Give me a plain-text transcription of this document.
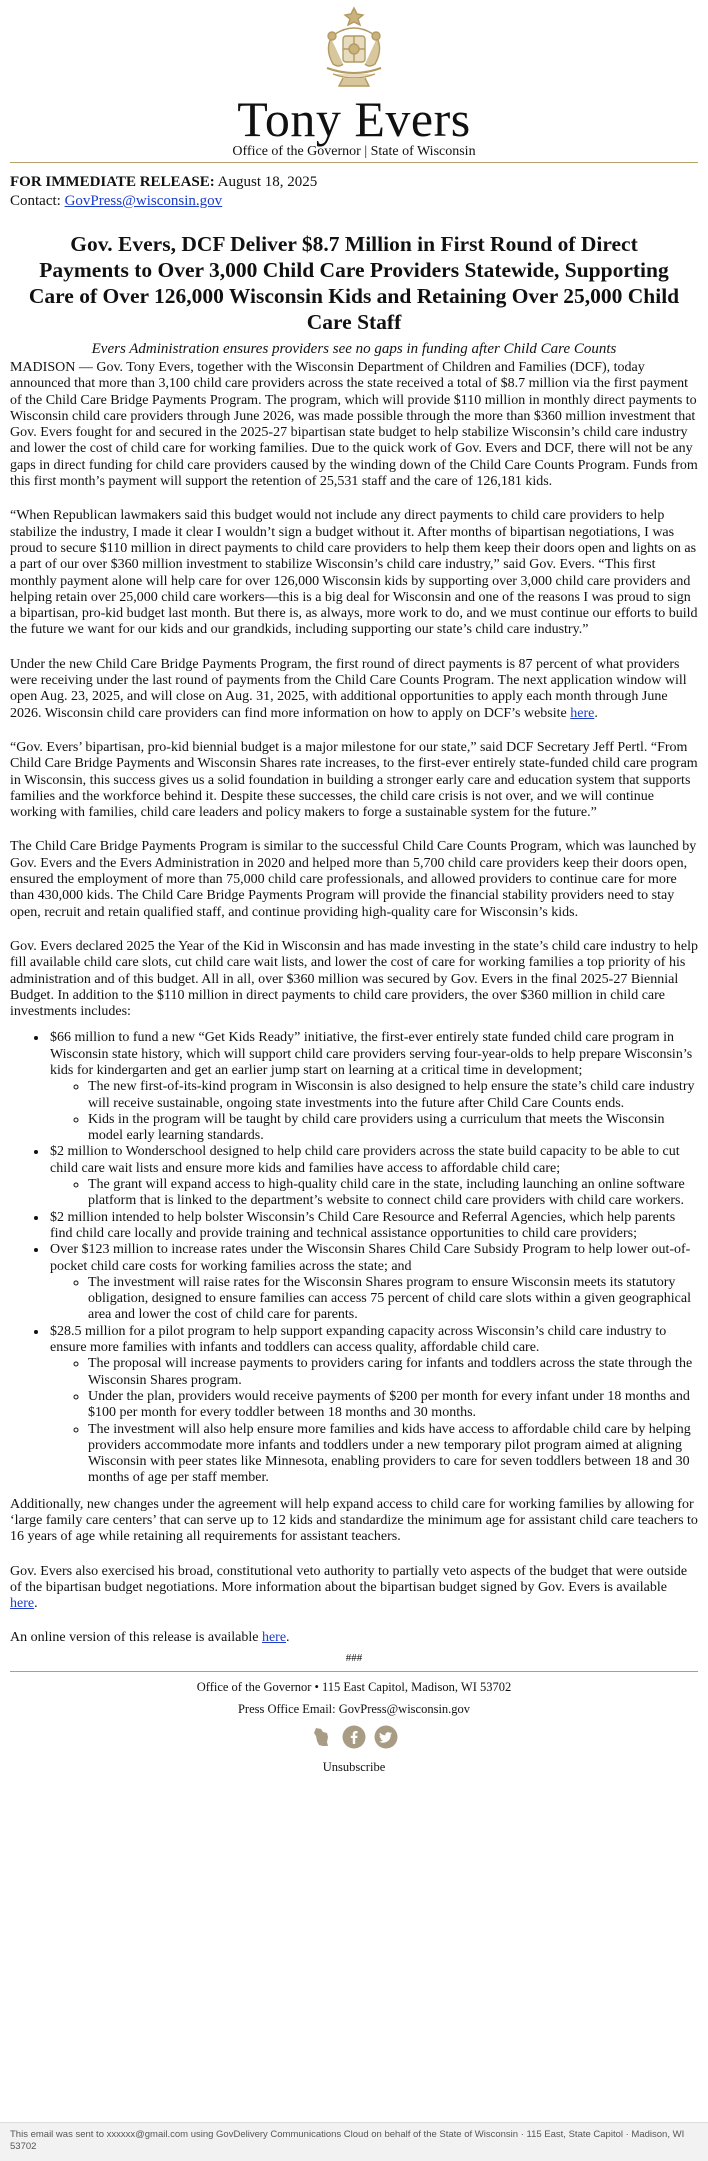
Tony Evers
Office of the Governor | State of Wisconsin
FOR IMMEDIATE RELEASE: August 18, 2025
Contact: GovPress@wisconsin.gov
Gov. Evers, DCF Deliver $8.7 Million in First Round of Direct Payments to Over 3,000 Child Care Providers Statewide, Supporting Care of Over 126,000 Wisconsin Kids and Retaining Over 25,000 Child Care Staff
Evers Administration ensures providers see no gaps in funding after Child Care Counts

MADISON — Gov. Tony Evers, together with the Wisconsin Department of Children and Families (DCF), today announced that more than 3,100 child care providers across the state received a total of $8.7 million via the first payment of the Child Care Bridge Payments Program. The program, which will provide $110 million in monthly direct payments to Wisconsin child care providers through June 2026, was made possible through the more than $360 million investment that Gov. Evers fought for and secured in the 2025-27 bipartisan state budget to help stabilize Wisconsin’s child care industry and lower the cost of child care for working families. Due to the quick work of Gov. Evers and DCF, there will not be any gaps in direct funding for child care providers caused by the winding down of the Child Care Counts Program. Funds from this first month’s payment will support the retention of 25,531 staff and the care of 126,181 kids.

“When Republican lawmakers said this budget would not include any direct payments to child care providers to help stabilize the industry, I made it clear I wouldn’t sign a budget without it. After months of bipartisan negotiations, I was proud to secure $110 million in direct payments to child care providers to help them keep their doors open and lights on as a part of our over $360 million investment to stabilize Wisconsin’s child care industry,” said Gov. Evers. “This first monthly payment alone will help care for over 126,000 Wisconsin kids by supporting over 3,000 child care providers and helping retain over 25,000 child care workers—this is a big deal for Wisconsin and one of the reasons I was proud to sign a bipartisan, pro-kid budget last month. But there is, as always, more work to do, and we must continue our efforts to build the future we want for our kids and our grandkids, including supporting our state’s child care industry.”

Under the new Child Care Bridge Payments Program, the first round of direct payments is 87 percent of what providers were receiving under the last round of payments from the Child Care Counts Program. The next application window will open Aug. 23, 2025, and will close on Aug. 31, 2025, with additional opportunities to apply each month through June 2026. Wisconsin child care providers can find more information on how to apply on DCF’s website here.

“Gov. Evers’ bipartisan, pro-kid biennial budget is a major milestone for our state,” said DCF Secretary Jeff Pertl. “From Child Care Bridge Payments and Wisconsin Shares rate increases, to the first-ever entirely state-funded child care program in Wisconsin, this success gives us a solid foundation in building a stronger early care and education system that supports families and the workforce behind it. Despite these successes, the child care crisis is not over, and we will continue working with families, child care leaders and policy makers to forge a sustainable system for the future.”

The Child Care Bridge Payments Program is similar to the successful Child Care Counts Program, which was launched by Gov. Evers and the Evers Administration in 2020 and helped more than 5,700 child care providers keep their doors open, ensured the employment of more than 75,000 child care professionals, and allowed providers to continue care for more than 430,000 kids. The Child Care Bridge Payments Program will provide the financial stability providers need to stay open, recruit and retain qualified staff, and continue providing high-quality care for Wisconsin’s kids.

Gov. Evers declared 2025 the Year of the Kid in Wisconsin and has made investing in the state’s child care industry to help fill available child care slots, cut child care wait lists, and lower the cost of care for working families a top priority of his administration and of this budget. All in all, over $360 million was secured by Gov. Evers in the final 2025-27 Biennial Budget. In addition to the $110 million in direct payments to child care providers, the over $360 million in child care investments includes:

• $66 million to fund a new “Get Kids Ready” initiative, the first-ever entirely state funded child care program in Wisconsin state history, which will support child care providers serving four-year-olds to help prepare Wisconsin’s kids for kindergarten and get an earlier jump start on learning at a critical time in development;
◦ The new first-of-its-kind program in Wisconsin is also designed to help ensure the state’s child care industry will receive sustainable, ongoing state investments into the future after Child Care Counts ends.
◦ Kids in the program will be taught by child care providers using a curriculum that meets the Wisconsin model early learning standards.
• $2 million to Wonderschool designed to help child care providers across the state build capacity to be able to cut child care wait lists and ensure more kids and families have access to affordable child care;
◦ The grant will expand access to high-quality child care in the state, including launching an online software platform that is linked to the department’s website to connect child care providers with child care workers.
• $2 million intended to help bolster Wisconsin’s Child Care Resource and Referral Agencies, which help parents find child care locally and provide training and technical assistance opportunities to child care providers;
• Over $123 million to increase rates under the Wisconsin Shares Child Care Subsidy Program to help lower out-of-pocket child care costs for working families across the state; and
◦ The investment will raise rates for the Wisconsin Shares program to ensure Wisconsin meets its statutory obligation, designed to ensure families can access 75 percent of child care slots within a given geographical area and lower the cost of child care for parents.
• $28.5 million for a pilot program to help support expanding capacity across Wisconsin’s child care industry to ensure more families with infants and toddlers can access quality, affordable child care.
◦ The proposal will increase payments to providers caring for infants and toddlers across the state through the Wisconsin Shares program.
◦ Under the plan, providers would receive payments of $200 per month for every infant under 18 months and $100 per month for every toddler between 18 months and 30 months.
◦ The investment will also help ensure more families and kids have access to affordable child care by helping providers accommodate more infants and toddlers under a new temporary pilot program aimed at aligning Wisconsin with peer states like Minnesota, enabling providers to care for seven toddlers between 18 and 30 months of age per staff member.

Additionally, new changes under the agreement will help expand access to child care for working families by allowing for ‘large family care centers’ that can serve up to 12 kids and standardize the minimum age for assistant child care teachers to 16 years of age while retaining all requirements for assistant teachers.

Gov. Evers also exercised his broad, constitutional veto authority to partially veto aspects of the budget that were outside of the bipartisan budget negotiations. More information about the bipartisan budget signed by Gov. Evers is available here.

An online version of this release is available here.

###
Office of the Governor • 115 East Capitol, Madison, WI 53702
Press Office Email: GovPress@wisconsin.gov

Unsubscribe
This email was sent to xxxxxx@gmail.com using GovDelivery Communications Cloud on behalf of the State of Wisconsin · 115 East, State Capitol · Madison, WI 53702
